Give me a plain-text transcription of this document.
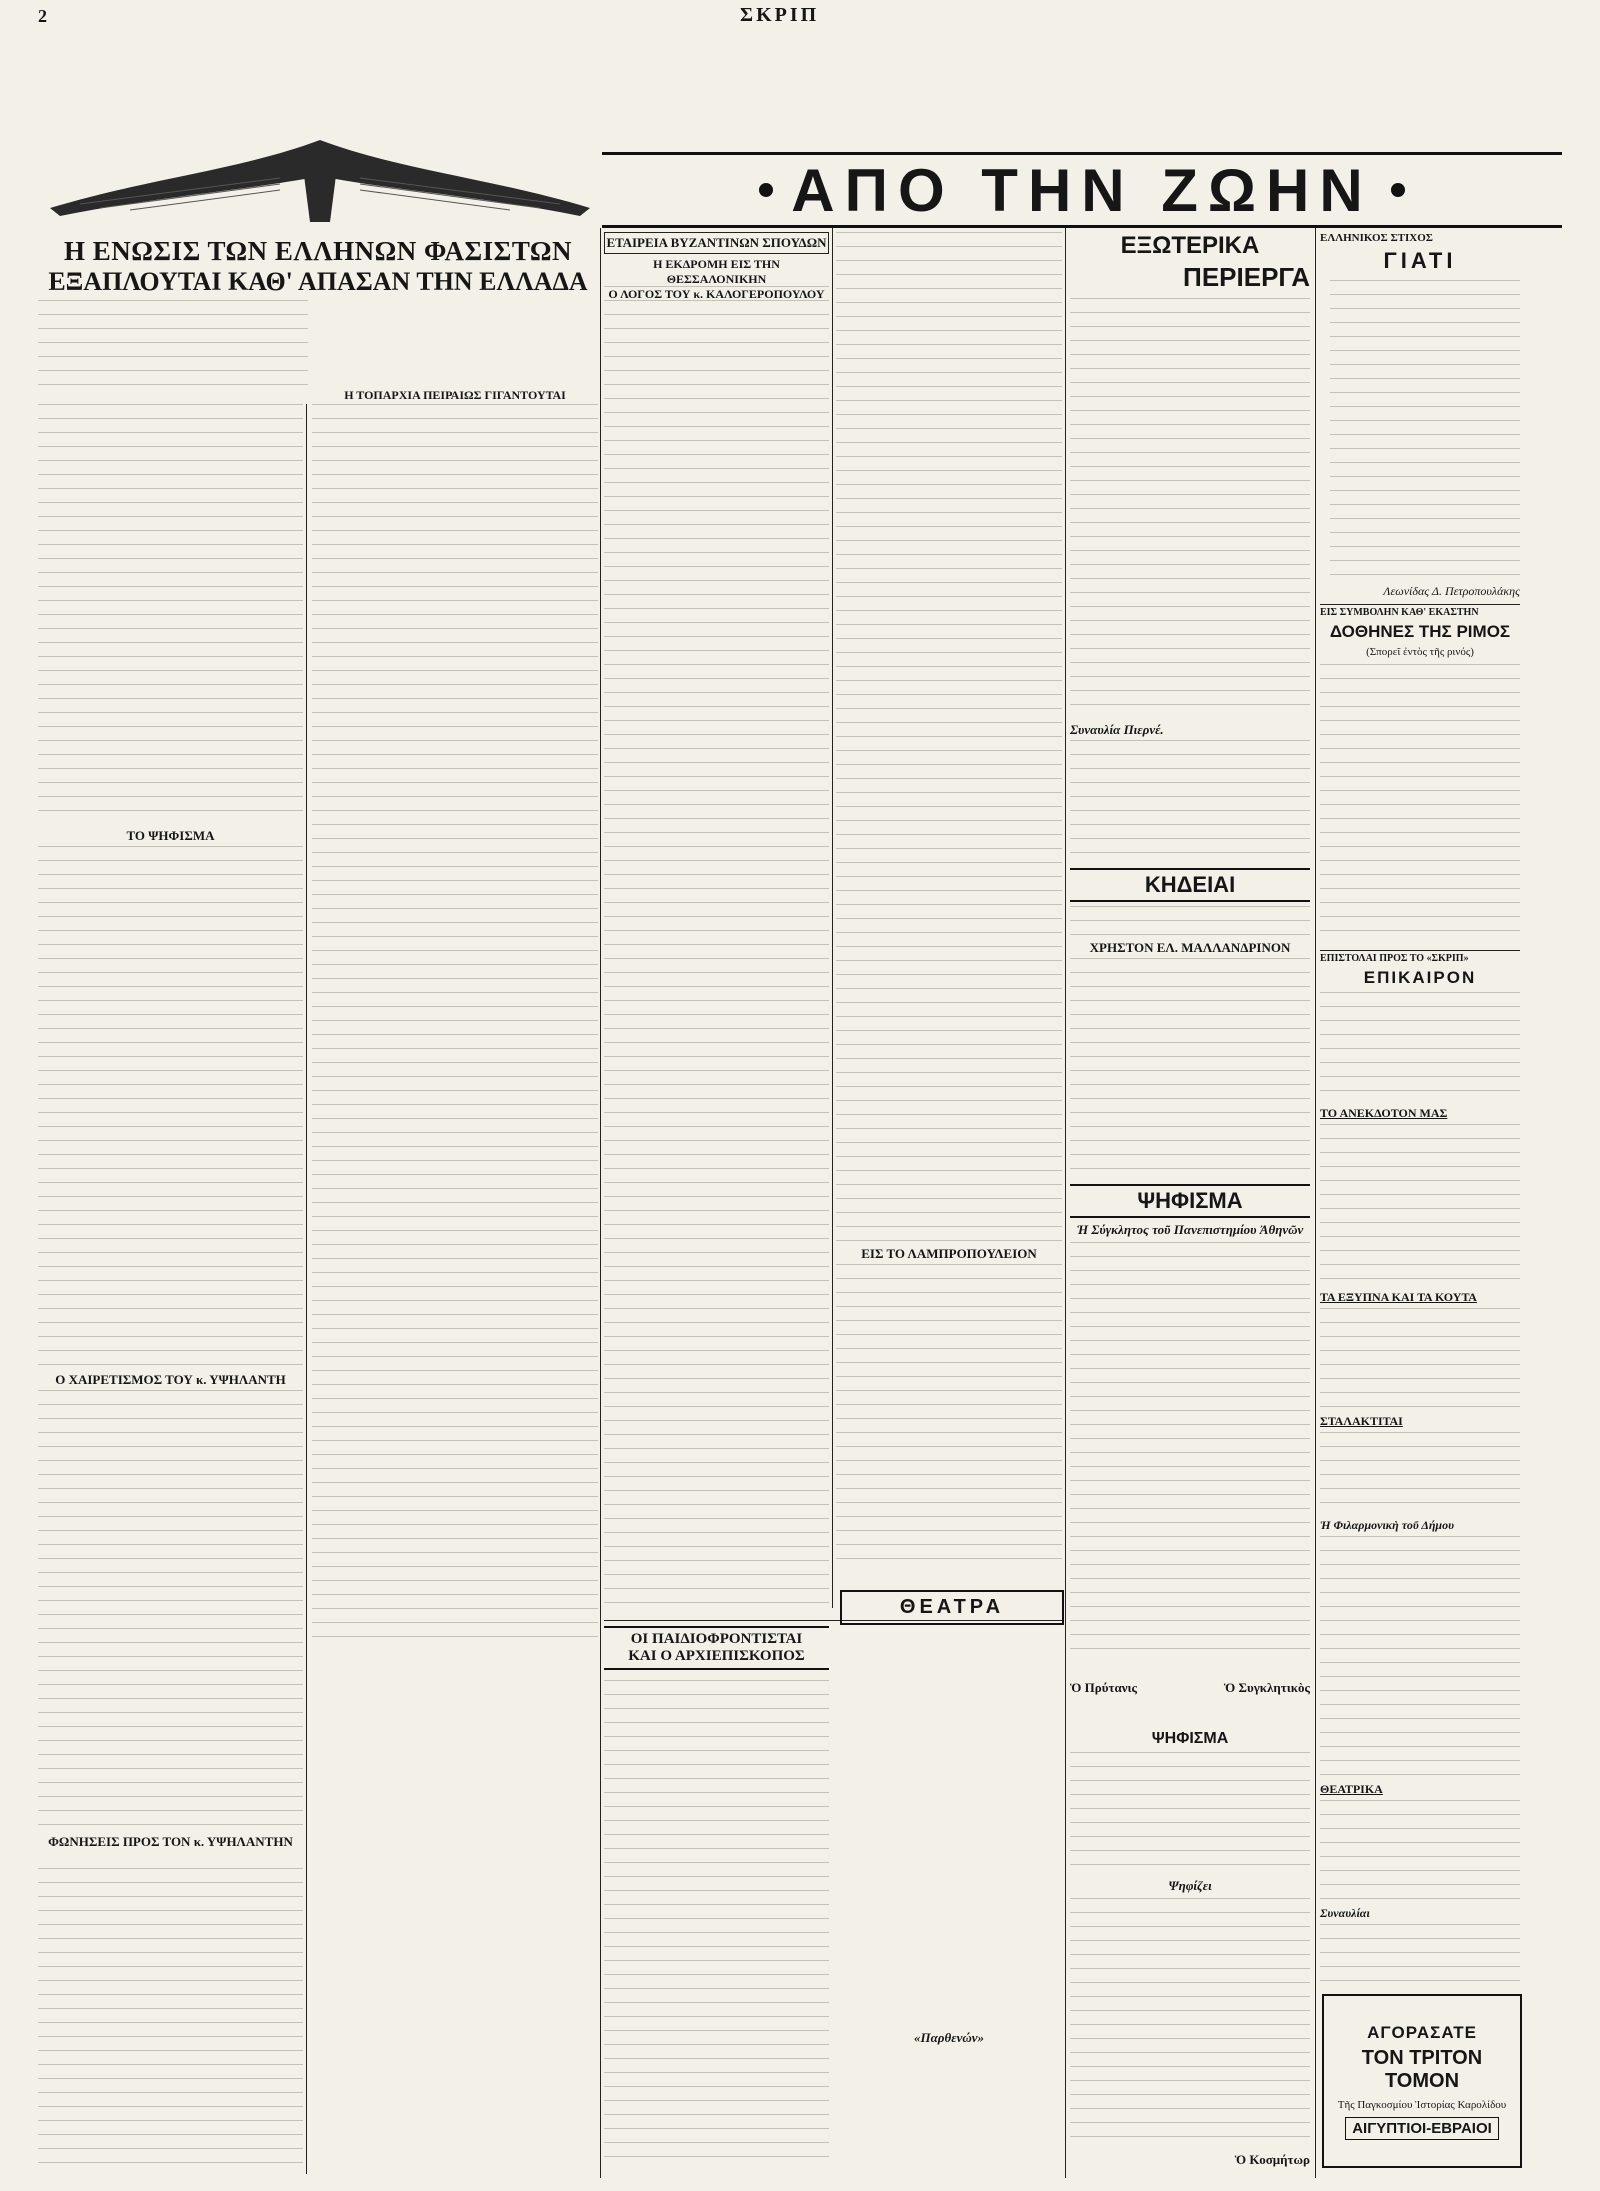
2	ΣΚΡΙΠ
ΑΠΟ ΤΗΝ ΖΩΗΝ
Η ΕΝΩΣΙΣ ΤΩΝ ΕΛΛΗΝΩΝ ΦΑΣΙΣΤΩΝ
ΕΞΑΠΛΟΥΤΑΙ ΚΑΘ' ΑΠΑΣΑΝ ΤΗΝ ΕΛΛΑΔΑ
Η ΤΟΠΑΡΧΙΑ ΠΕΙΡΑΙΩΣ ΓΙΓΑΝΤΟΥΤΑΙ
ΤΟ ΨΗΦΙΣΜΑ
Ο ΧΑΙΡΕΤΙΣΜΟΣ ΤΟΥ κ. ΥΨΗΛΑΝΤΗ
ΦΩΝΗΣΕΙΣ ΠΡΟΣ ΤΟΝ κ. ΥΨΗΛΑΝΤΗΝ
ΕΤΑΙΡΕΙΑ ΒΥΖΑΝΤΙΝΩΝ ΣΠΟΥΔΩΝ
Η ΕΚΔΡΟΜΗ ΕΙΣ ΤΗΝ ΘΕΣΣΑΛΟΝΙΚΗΝ
Ο ΛΟΓΟΣ ΤΟΥ κ. ΚΑΛΟΓΕΡΟΠΟΥΛΟΥ
ΕΙΣ ΤΟ ΛΑΜΠΡΟΠΟΥΛΕΙΟΝ
ΟΙ ΠΑΙΔΙΟΦΡΟΝΤΙΣΤΑΙ
ΚΑΙ Ο ΑΡΧΙΕΠΙΣΚΟΠΟΣ
«Παρθενών»
ΘΕΑΤΡΑ
ΕΞΩΤΕΡΙΚΑ
ΠΕΡΙΕΡΓΑ
Συναυλία Πιερνέ.
ΚΗΔΕΙΑΙ
ΧΡΗΣΤΟΝ ΕΛ. ΜΑΛΛΑΝΔΡΙΝΟΝ
ΨΗΦΙΣΜΑ
Ἡ Σύγκλητος τοῦ Πανεπιστημίου Ἀθηνῶν
Ὁ Πρύτανις	Ὁ Συγκλητικὸς
ΨΗΦΙΣΜΑ
Ψηφίζει
Ὁ Κοσμήτωρ
ΕΛΛΗΝΙΚΟΣ ΣΤΙΧΟΣ
ΓΙΑΤΙ
Λεωνίδας Δ. Πετροπουλάκης
ΕΙΣ ΣΥΜΒΟΛΗΝ ΚΑΘ' ΕΚΑΣΤΗΝ
ΔΟΘΗΝΕΣ ΤΗΣ ΡΙΜΟΣ
(Σπορεῖ ἐντὸς τῆς ρινός)
ΕΠΙΣΤΟΛΑΙ ΠΡΟΣ ΤΟ «ΣΚΡΙΠ»
ΕΠΙΚΑΙΡΟΝ
ΤΟ ΑΝΕΚΔΟΤΟΝ ΜΑΣ
ΤΑ ΕΞΥΠΝΑ ΚΑΙ ΤΑ ΚΟΥΤΑ
ΣΤΑΛΑΚΤΙΤΑΙ
Ἡ Φιλαρμονικὴ τοῦ Δήμου
ΘΕΑΤΡΙΚΑ
Συναυλίαι
ΑΓΟΡΑΣΑΤΕ
ΤΟΝ ΤΡΙΤΟΝ ΤΟΜΟΝ
Τῆς Παγκοσμίου Ἱστορίας Καρολίδου
ΑΙΓΥΠΤΙΟΙ-ΕΒΡΑΙΟΙ
